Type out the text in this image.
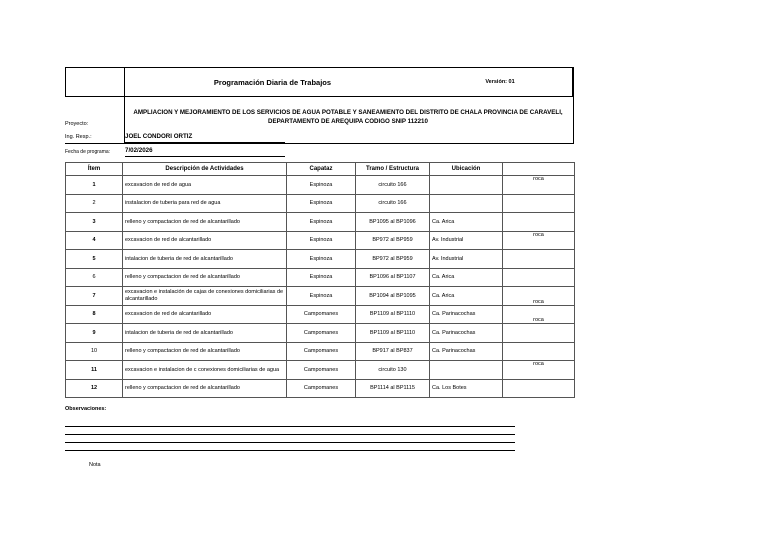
Programación Diaria de Trabajos	Versión: 01
AMPLIACION Y MEJORAMIENTO DE LOS SERVICIOS DE AGUA POTABLE Y SANEAMIENTO DEL DISTRITO DE CHALA PROVINCIA DE CARAVELI, DEPARTAMENTO DE AREQUIPA CODIGO SNIP 112210
Proyecto:
Ing. Resp.:	JOEL CONDORI ORTIZ
Fecha de programa: 7/02/2026
Ítem	Descripción de Actividades	Capataz	Tramo / Estructura	Ubicación	
1	excavacion de red de agua	Espinoza	circuito 166		roca
2	instalacion de tuberia para red de agua	Espinoza	circuito 166		
3	relleno y compactacion de red de alcantarillado	Espinoza	BP1095 al BP1096	Ca. Arica	
4	excavacion de red de alcantarillado	Espinoza	BP972 al BP959	Av. Industrial	roca
5	intalacion de tuberia de red de alcantarillado	Espinoza	BP972 al BP959	Av. Industrial	
6	relleno y compactacion de red de alcantarillado	Espinoza	BP1096 al BP1107	Ca. Arica	
7	excavacion e instalación de cajas de conexiones domiciliarias de alcantarillado	Espinoza	BP1094 al BP1095	Ca. Arica	roca
8	excavacion de red de alcantarillado	Campomanes	BP1109 al BP1110	Ca. Parinacochas	roca
9	intalacion de tuberia de red de alcantarillado	Campomanes	BP1109 al BP1110	Ca. Parinacochas	
10	relleno y compactacion de red de alcantarillado	Campomanes	BP917 al BP837	Ca. Parinacochas	
11	excavacion e instalacion de c conexiones domiciliarias de agua	Campomanes	circuito 130		roca
12	relleno y compactacion de red de alcantarillado	Campomanes	BP1114 al BP1115	Ca. Los Botes	
Observaciones:
Nota
